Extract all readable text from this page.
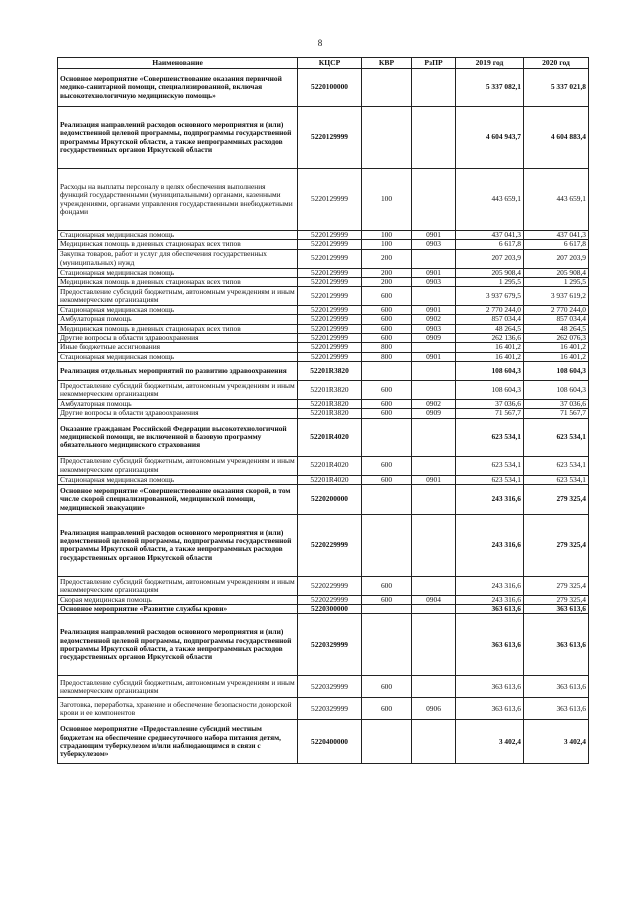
8
Наименование	КЦСР	КВР	РзПР	2019 год	2020 год
Основное мероприятие «Совершенствование оказания первичной медико-санитарной помощи, специализированной, включая высокотехнологичную медицинскую помощь»	5220100000			5 337 082,1	5 337 021,8
Реализация направлений расходов основного мероприятия и (или) ведомственной целевой программы, подпрограммы государственной программы Иркутской области, а также непрограммных расходов государственных органов Иркутской области	5220129999			4 604 943,7	4 604 883,4
Расходы на выплаты персоналу в целях обеспечения выполнения функций государственными (муниципальными) органами, казенными учреждениями, органами управления государственными внебюджетными фондами	5220129999	100		443 659,1	443 659,1
Стационарная медицинская помощь	5220129999	100	0901	437 041,3	437 041,3
Медицинская помощь в дневных стационарах всех типов	5220129999	100	0903	6 617,8	6 617,8
Закупка товаров, работ и услуг для обеспечения государственных (муниципальных) нужд	5220129999	200		207 203,9	207 203,9
Стационарная медицинская помощь	5220129999	200	0901	205 908,4	205 908,4
Медицинская помощь в дневных стационарах всех типов	5220129999	200	0903	1 295,5	1 295,5
Предоставление субсидий бюджетным, автономным учреждениям и иным некоммерческим организациям	5220129999	600		3 937 679,5	3 937 619,2
Стационарная медицинская помощь	5220129999	600	0901	2 770 244,0	2 770 244,0
Амбулаторная помощь	5220129999	600	0902	857 034,4	857 034,4
Медицинская помощь в дневных стационарах всех типов	5220129999	600	0903	48 264,5	48 264,5
Другие вопросы в области здравоохранения	5220129999	600	0909	262 136,6	262 076,3
Иные бюджетные ассигнования	5220129999	800		16 401,2	16 401,2
Стационарная медицинская помощь	5220129999	800	0901	16 401,2	16 401,2
Реализация отдельных мероприятий по развитию здравоохранения	52201R3820			108 604,3	108 604,3
Предоставление субсидий бюджетным, автономным учреждениям и иным некоммерческим организациям	52201R3820	600		108 604,3	108 604,3
Амбулаторная помощь	52201R3820	600	0902	37 036,6	37 036,6
Другие вопросы в области здравоохранения	52201R3820	600	0909	71 567,7	71 567,7
Оказание гражданам Российской Федерации высокотехнологичной медицинской помощи, не включенной в базовую программу обязательного медицинского страхования	52201R4020			623 534,1	623 534,1
Предоставление субсидий бюджетным, автономным учреждениям и иным некоммерческим организациям	52201R4020	600		623 534,1	623 534,1
Стационарная медицинская помощь	52201R4020	600	0901	623 534,1	623 534,1
Основное мероприятие «Совершенствование оказания скорой, в том числе скорой специализированной, медицинской помощи, медицинской эвакуации»	5220200000			243 316,6	279 325,4
Реализация направлений расходов основного мероприятия и (или) ведомственной целевой программы, подпрограммы государственной программы Иркутской области, а также непрограммных расходов государственных органов Иркутской области	5220229999			243 316,6	279 325,4
Предоставление субсидий бюджетным, автономным учреждениям и иным некоммерческим организациям	5220229999	600		243 316,6	279 325,4
Скорая медицинская помощь	5220229999	600	0904	243 316,6	279 325,4
Основное мероприятие «Развитие службы крови»	5220300000			363 613,6	363 613,6
Реализация направлений расходов основного мероприятия и (или) ведомственной целевой программы, подпрограммы государственной программы Иркутской области, а также непрограммных расходов государственных органов Иркутской области	5220329999			363 613,6	363 613,6
Предоставление субсидий бюджетным, автономным учреждениям и иным некоммерческим организациям	5220329999	600		363 613,6	363 613,6
Заготовка, переработка, хранение и обеспечение безопасности донорской крови и ее компонентов	5220329999	600	0906	363 613,6	363 613,6
Основное мероприятие «Предоставление субсидий местным бюджетам на обеспечение среднесуточного набора питания детям, страдающим туберкулезом и/или наблюдающимся в связи с туберкулезом»	5220400000			3 402,4	3 402,4
